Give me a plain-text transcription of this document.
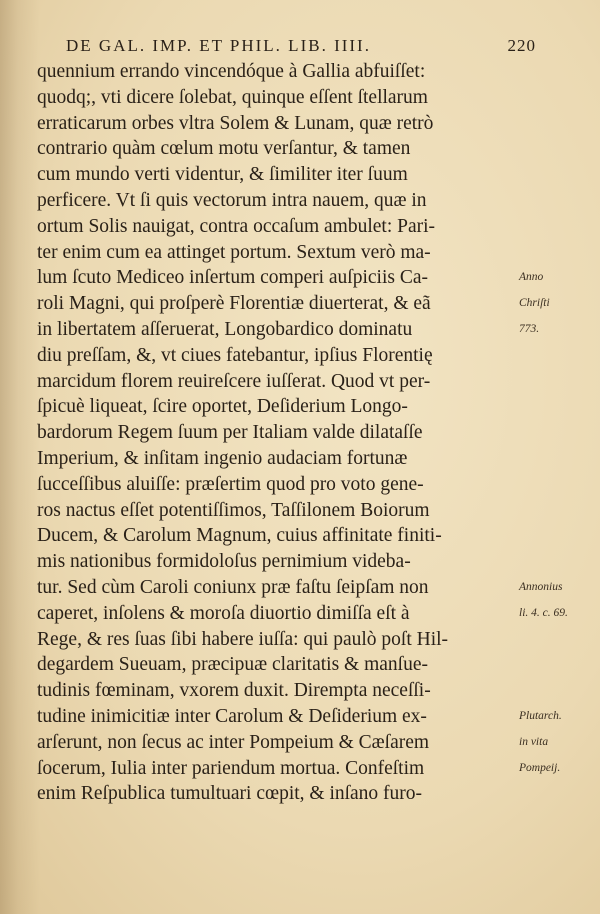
DE GAL. IMP. ET PHIL. LIB. IIII.	220
quennium errando vincendóque à Gallia abfuiſſet:
quodq;, vti dicere ſolebat, quinque eſſent ſtellarum
erraticarum orbes vltra Solem & Lunam, quæ retrò
contrario quàm cœlum motu verſantur, & tamen
cum mundo verti videntur, & ſimiliter iter ſuum
perficere. Vt ſi quis vectorum intra nauem, quæ in
ortum Solis nauigat, contra occaſum ambulet: Pari-
ter enim cum ea attinget portum. Sextum verò ma-
lum ſcuto Mediceo inſertum comperi auſpiciis Ca-
roli Magni, qui proſperè Florentiæ diuerterat, & eã
in libertatem aſſeruerat, Longobardico dominatu
diu preſſam, &, vt ciues fatebantur, ipſius Florentię
marcidum florem reuireſcere iuſſerat. Quod vt per-
ſpicuè liqueat, ſcire oportet, Deſiderium Longo-
bardorum Regem ſuum per Italiam valde dilataſſe
Imperium, & inſitam ingenio audaciam fortunæ
ſucceſſibus aluiſſe: præſertim quod pro voto gene-
ros nactus eſſet potentiſſimos, Taſſilonem Boiorum
Ducem, & Carolum Magnum, cuius affinitate finiti-
mis nationibus formidoloſus pernimium videba-
tur. Sed cùm Caroli coniunx præ faſtu ſeipſam non
caperet, inſolens & moroſa diuortio dimiſſa eſt à
Rege, & res ſuas ſibi habere iuſſa: qui paulò poſt Hil-
degardem Sueuam, præcipuæ claritatis & manſue-
tudinis fœminam, vxorem duxit. Dirempta neceſſi-
tudine inimicitiæ inter Carolum & Deſiderium ex-
arſerunt, non ſecus ac inter Pompeium & Cæſarem
ſocerum, Iulia inter pariendum mortua. Confeſtim
enim Reſpublica tumultuari cœpit, & inſano furo-
Anno
Chriſti
773.
Annonius
li. 4. c. 69.
Plutarch.
in vita
Pompeij.
